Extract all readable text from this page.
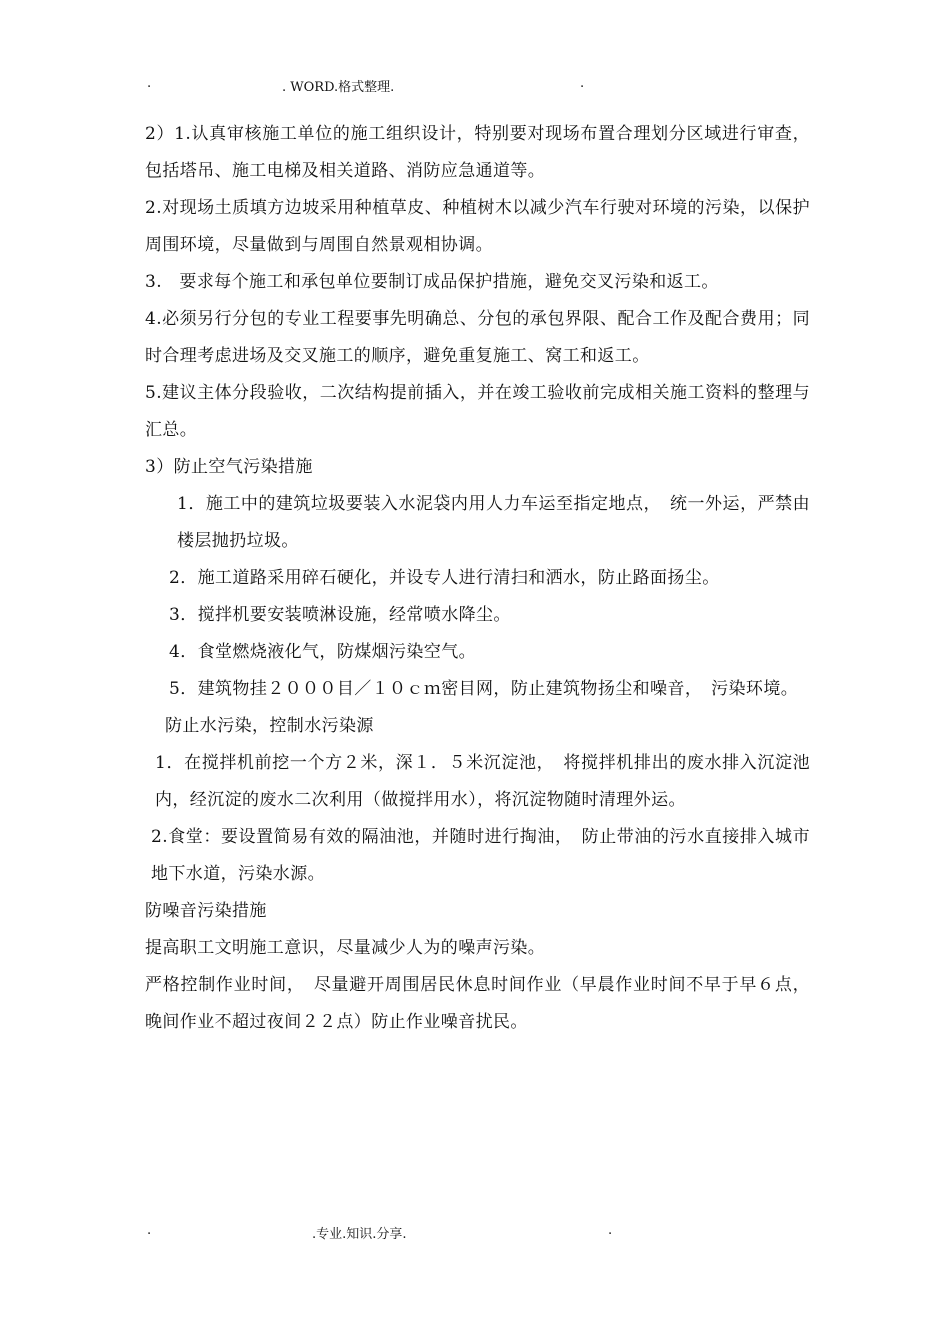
.	. WORD.格式整理.	.

2）1.认真审核施工单位的施工组织设计，特别要对现场布置合理划分区域进行审查，包括塔吊、施工电梯及相关道路、消防应急通道等。

2.对现场土质填方边坡采用种植草皮、种植树木以减少汽车行驶对环境的污染，以保护周围环境，尽量做到与周围自然景观相协调。

3.　要求每个施工和承包单位要制订成品保护措施，避免交叉污染和返工。

4.必须另行分包的专业工程要事先明确总、分包的承包界限、配合工作及配合费用；同时合理考虑进场及交叉施工的顺序，避免重复施工、窝工和返工。

5.建议主体分段验收，二次结构提前插入，并在竣工验收前完成相关施工资料的整理与汇总。

3）防止空气污染措施

1．施工中的建筑垃圾要装入水泥袋内用人力车运至指定地点，　统一外运，严禁由楼层抛扔垃圾。

2．施工道路采用碎石硬化，并设专人进行清扫和洒水，防止路面扬尘。

3．搅拌机要安装喷淋设施，经常喷水降尘。

4．食堂燃烧液化气，防煤烟污染空气。

5．建筑物挂２０００目／１０ｃｍ密目网，防止建筑物扬尘和噪音，　污染环境。

防止水污染，控制水污染源

1．在搅拌机前挖一个方２米，深１．５米沉淀池，　将搅拌机排出的废水排入沉淀池内，经沉淀的废水二次利用（做搅拌用水），将沉淀物随时清理外运。

2.食堂：要设置简易有效的隔油池，并随时进行掏油，　防止带油的污水直接排入城市地下水道，污染水源。

防噪音污染措施

提高职工文明施工意识，尽量减少人为的噪声污染。

严格控制作业时间，　尽量避开周围居民休息时间作业（早晨作业时间不早于早６点，晚间作业不超过夜间２２点）防止作业噪音扰民。

.	.专业.知识.分享.	.
